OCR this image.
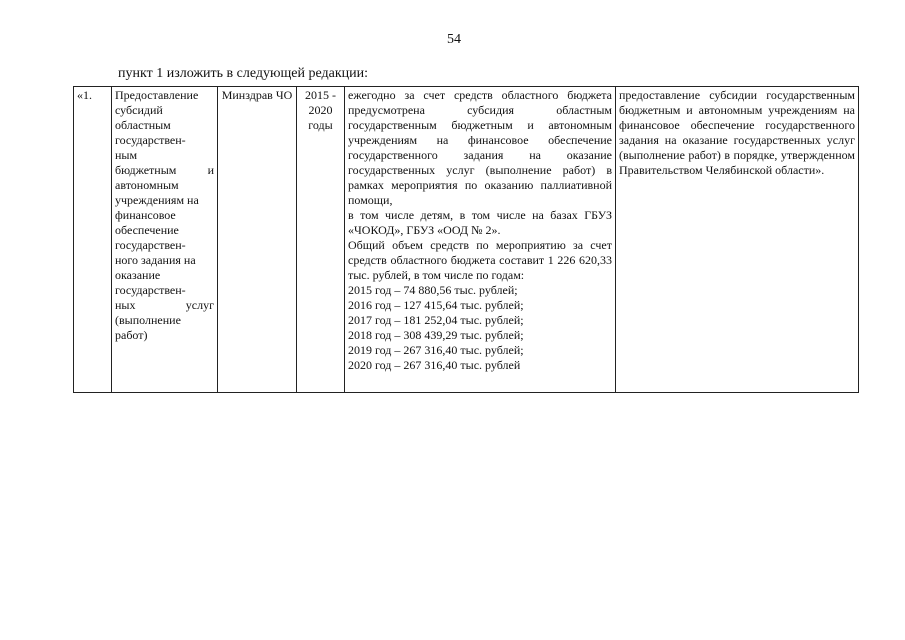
54
пункт 1 изложить в следующей редакции:
«1.	Предоставление
субсидий
областным
государствен-
ным
бюджетным и
автономным
учреждениям на
финансовое
обеспечение
государствен-
ного задания на
оказание
государствен-
ных услуг
(выполнение
работ)
	Минздрав ЧО	2015 - 2020 годы	
ежегодно за счет средств областного бюджета предусмотрена субсидия областным государственным бюджетным и автономным учреждениям на финансовое обеспечение государственного задания на оказание государственных услуг (выполнение работ) в рамках мероприятия по оказанию паллиативной помощи,
в том числе детям, в том числе на базах ГБУЗ «ЧОКОД», ГБУЗ «ООД № 2».
Общий объем средств по мероприятию за счет средств областного бюджета составит 1 226 620,33 тыс. рублей, в том числе по годам:
2015 год – 74 880,56 тыс. рублей;
2016 год – 127 415,64 тыс. рублей;
2017 год – 181 252,04 тыс. рублей;
2018 год – 308 439,29 тыс. рублей;
2019 год – 267 316,40 тыс. рублей;
2020 год – 267 316,40 тыс. рублей
	предоставление субсидии государственным бюджетным и автономным учреждениям на финансовое обеспечение государственного задания на оказание государственных услуг (выполнение работ) в порядке, утвержденном Правительством Челябинской области».
